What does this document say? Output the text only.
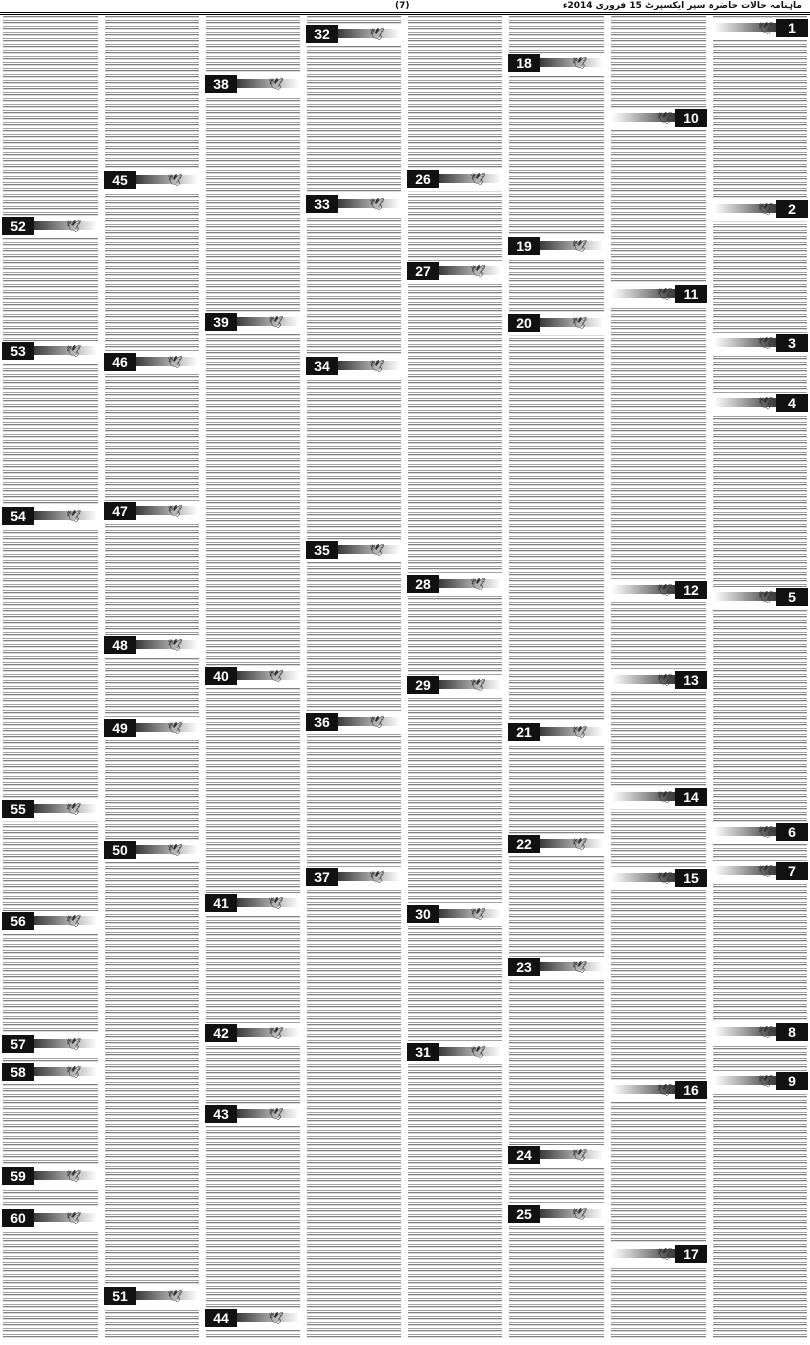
(7)	ماہنامہ حالات حاضرہ سپر ایکسپرٹ 15 فروری 2014ء
🕊	1
🕊	2
🕊	3
🕊	4
🕊	5
🕊	6
🕊	7
🕊	8
🕊	9
🕊 10
🕊 11
🕊 12
🕊 13
🕊 14
🕊 15
🕊 16
🕊 17
18	🕊
19	🕊
20	🕊
21	🕊
22	🕊
23	🕊
24	🕊
25	🕊
26	🕊
27	🕊
28	🕊
29	🕊
30	🕊
31	🕊
32	🕊
33	🕊
34	🕊
35	🕊
36	🕊
37	🕊
38	🕊
39	🕊
40	🕊
41	🕊
42	🕊
43	🕊
44	🕊
45	🕊
46	🕊
47	🕊
48	🕊
49	🕊
50	🕊
51	🕊
52	🕊
53	🕊
54	🕊
55	🕊
56	🕊
57	🕊
58	🕊
59	🕊
60	🕊
